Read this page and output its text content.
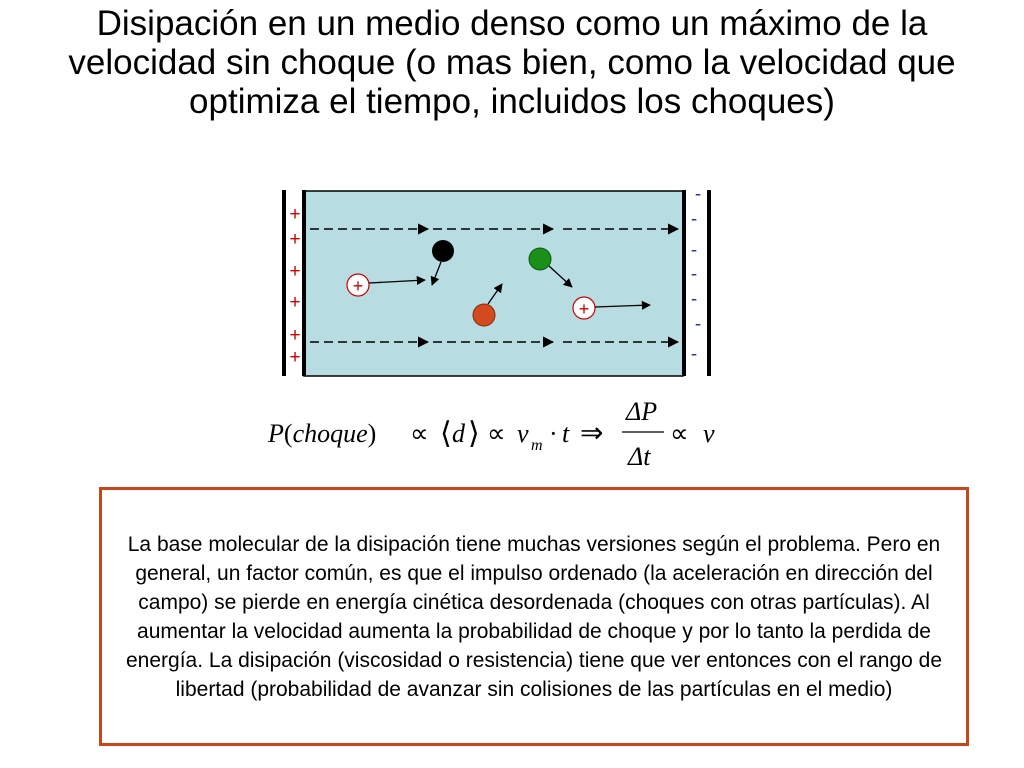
Disipación en un medio denso como un máximo de la velocidad sin choque (o mas bien, como la velocidad que optimiza el tiempo, incluidos los choques)
+
+
+
+
+
+
-
-
-
-
-
-
-
+
+
P(choque) ∝ ⟨ d ⟩ ∝ v m · t ⇒
ΔP
Δt
∝ v

La base molecular de la disipación tiene muchas versiones según el problema. Pero en general, un factor común, es que el impulso ordenado (la aceleración en dirección del campo) se pierde en energía cinética desordenada (choques con otras partículas). Al aumentar la velocidad aumenta la probabilidad de choque y por lo tanto la perdida de energía. La disipación (viscosidad o resistencia) tiene que ver entonces con el rango de libertad (probabilidad de avanzar sin colisiones de las partículas en el medio)
